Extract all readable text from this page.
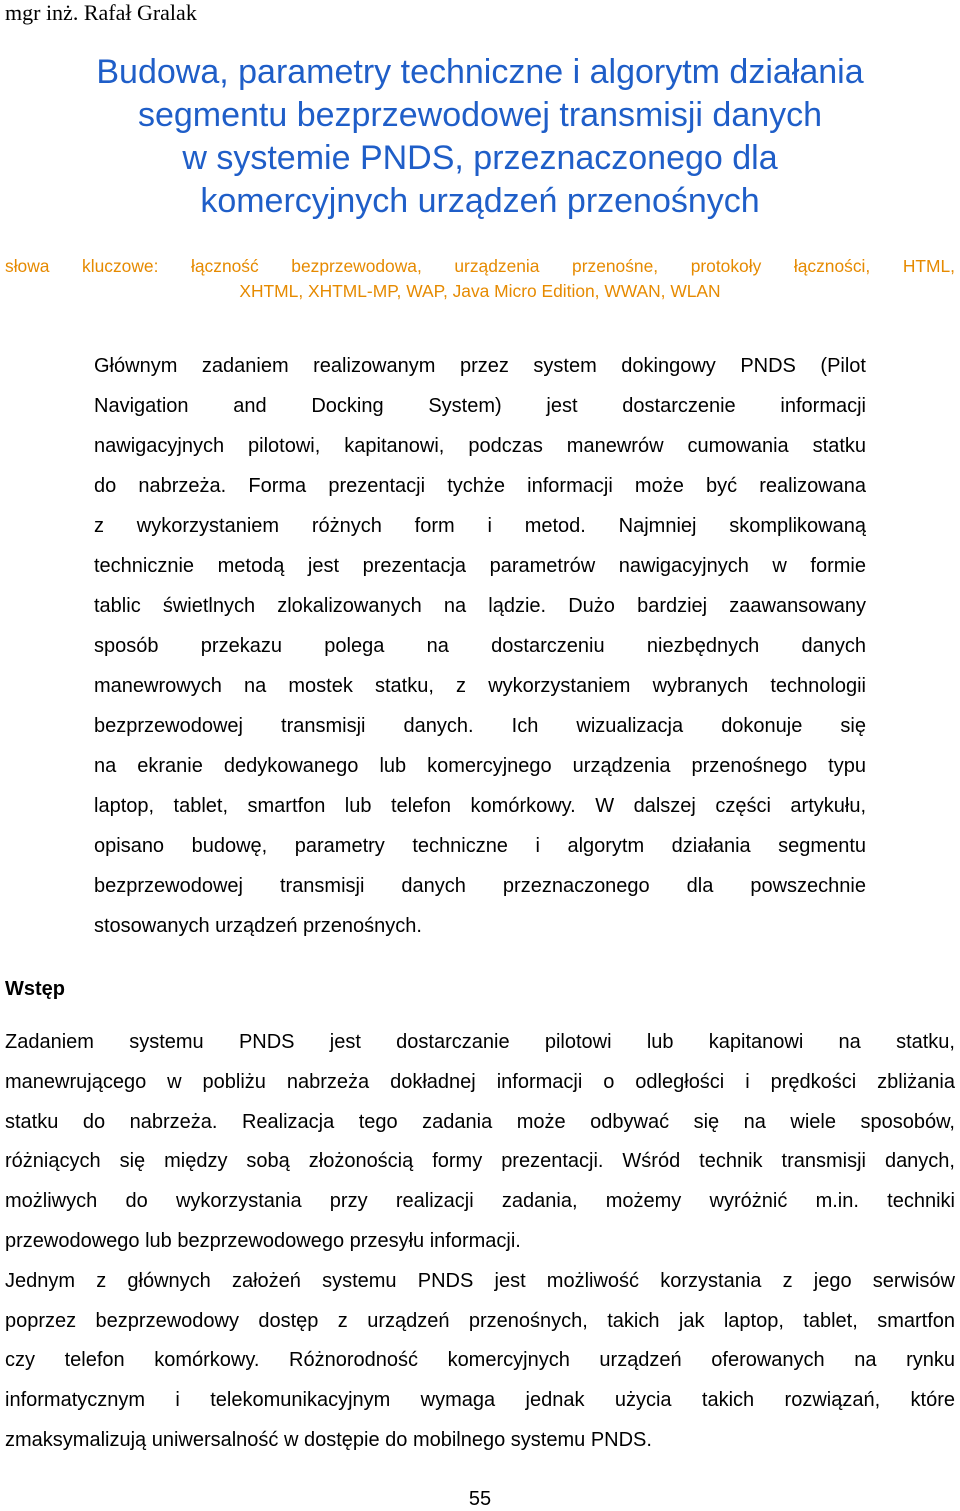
mgr inż. Rafał Gralak
Budowa, parametry techniczne i algorytm działania
segmentu bezprzewodowej transmisji danych
w systemie PNDS, przeznaczonego dla
komercyjnych urządzeń przenośnych
słowa kluczowe: łączność bezprzewodowa, urządzenia przenośne, protokoły łączności, HTML,
XHTML, XHTML-MP, WAP, Java Micro Edition, WWAN, WLAN
Głównym zadaniem realizowanym przez system dokingowy PNDS (Pilot
Navigation and Docking System) jest dostarczenie informacji
nawigacyjnych pilotowi, kapitanowi, podczas manewrów cumowania statku
do nabrzeża. Forma prezentacji tychże informacji może być realizowana
z wykorzystaniem różnych form i metod. Najmniej skomplikowaną
technicznie metodą jest prezentacja parametrów nawigacyjnych w formie
tablic świetlnych zlokalizowanych na lądzie. Dużo bardziej zaawansowany
sposób przekazu polega na dostarczeniu niezbędnych danych
manewrowych na mostek statku, z wykorzystaniem wybranych technologii
bezprzewodowej transmisji danych. Ich wizualizacja dokonuje się
na ekranie dedykowanego lub komercyjnego urządzenia przenośnego typu
laptop, tablet, smartfon lub telefon komórkowy. W dalszej części artykułu,
opisano budowę, parametry techniczne i algorytm działania segmentu
bezprzewodowej transmisji danych przeznaczonego dla powszechnie
stosowanych urządzeń przenośnych.
Wstęp
Zadaniem systemu PNDS jest dostarczanie pilotowi lub kapitanowi na statku,
manewrującego w pobliżu nabrzeża dokładnej informacji o odległości i prędkości zbliżania
statku do nabrzeża. Realizacja tego zadania może odbywać się na wiele sposobów,
różniących się między sobą złożonością formy prezentacji. Wśród technik transmisji danych,
możliwych do wykorzystania przy realizacji zadania, możemy wyróżnić m.in. techniki
przewodowego lub bezprzewodowego przesyłu informacji.
Jednym z głównych założeń systemu PNDS jest możliwość korzystania z jego serwisów
poprzez bezprzewodowy dostęp z urządzeń przenośnych, takich jak laptop, tablet, smartfon
czy telefon komórkowy. Różnorodność komercyjnych urządzeń oferowanych na rynku
informatycznym i telekomunikacyjnym wymaga jednak użycia takich rozwiązań, które
zmaksymalizują uniwersalność w dostępie do mobilnego systemu PNDS.
55
